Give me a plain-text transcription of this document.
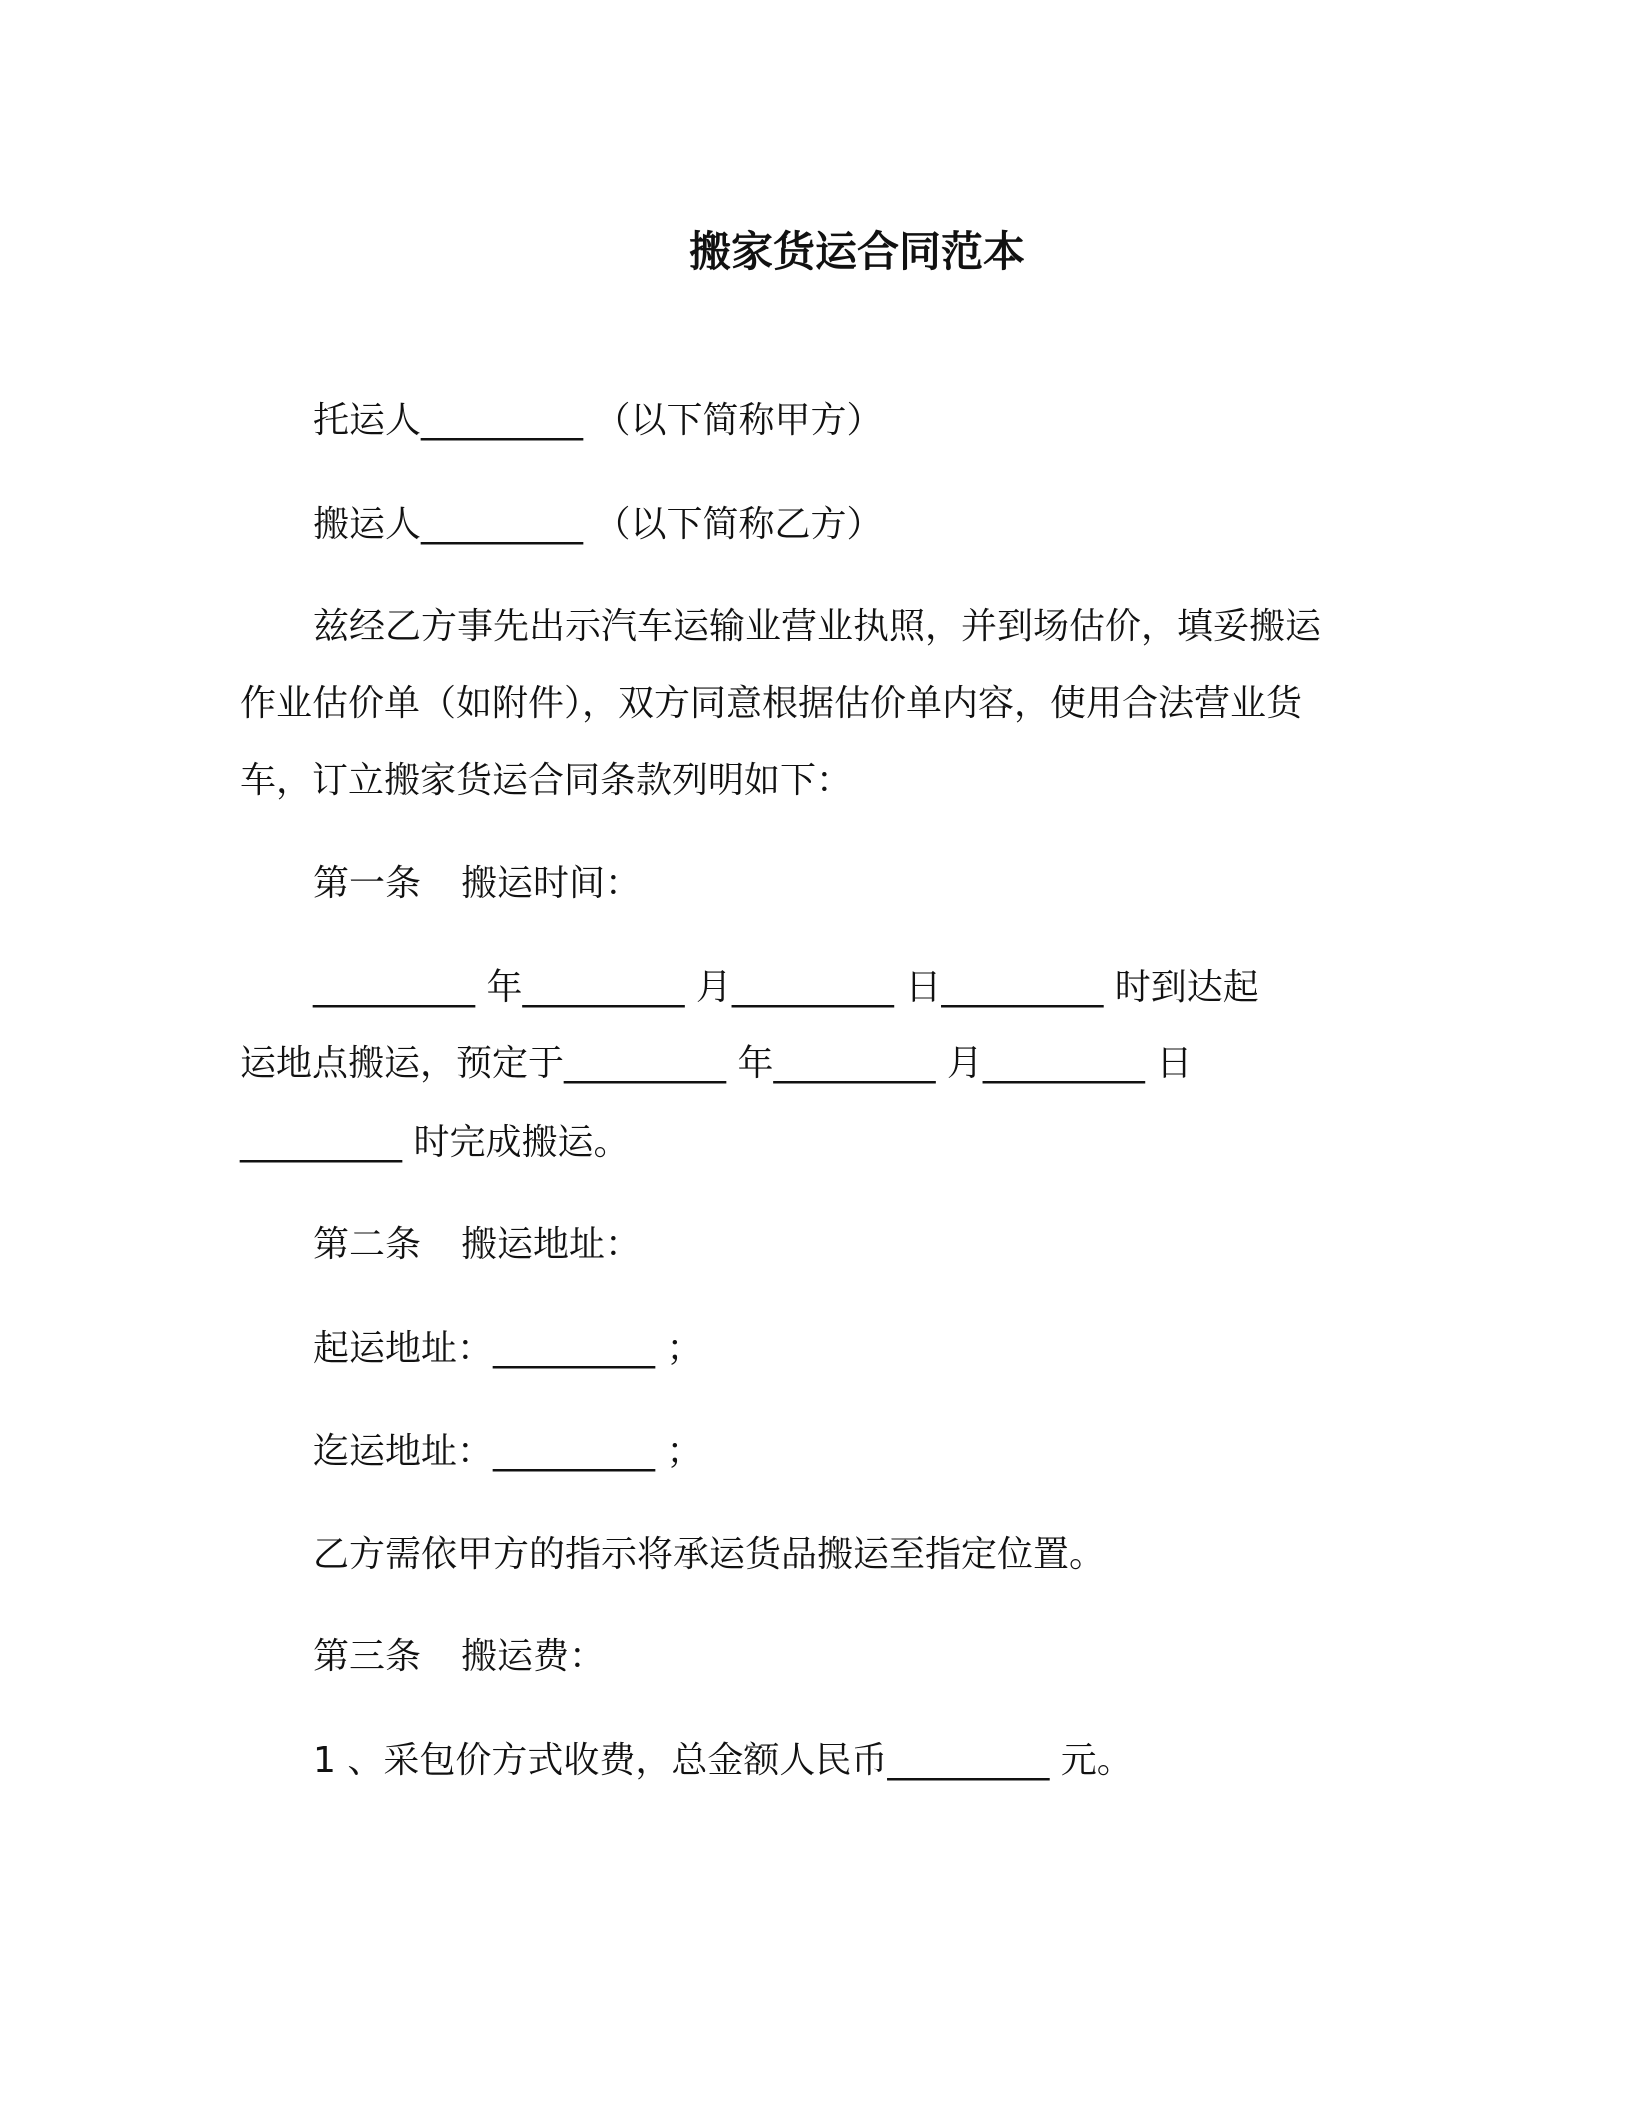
搬家货运合同范本
托运人_________ （以下简称甲方）
搬运人_________ （以下简称乙方）
兹经乙方事先出示汽车运输业营业执照，并到场估价，填妥搬运
作业估价单（如附件），双方同意根据估价单内容，使用合法营业货
车，订立搬家货运合同条款列明如下：
第一条 搬运时间：
_________ 年_________ 月_________ 日_________ 时到达起
运地点搬运，预定于_________ 年_________ 月_________ 日
_________ 时完成搬运。
第二条 搬运地址：
起运地址：_________ ；
迄运地址：_________ ；
乙方需依甲方的指示将承运货品搬运至指定位置。
第三条 搬运费：
1 、采包价方式收费，总金额人民币_________ 元。
